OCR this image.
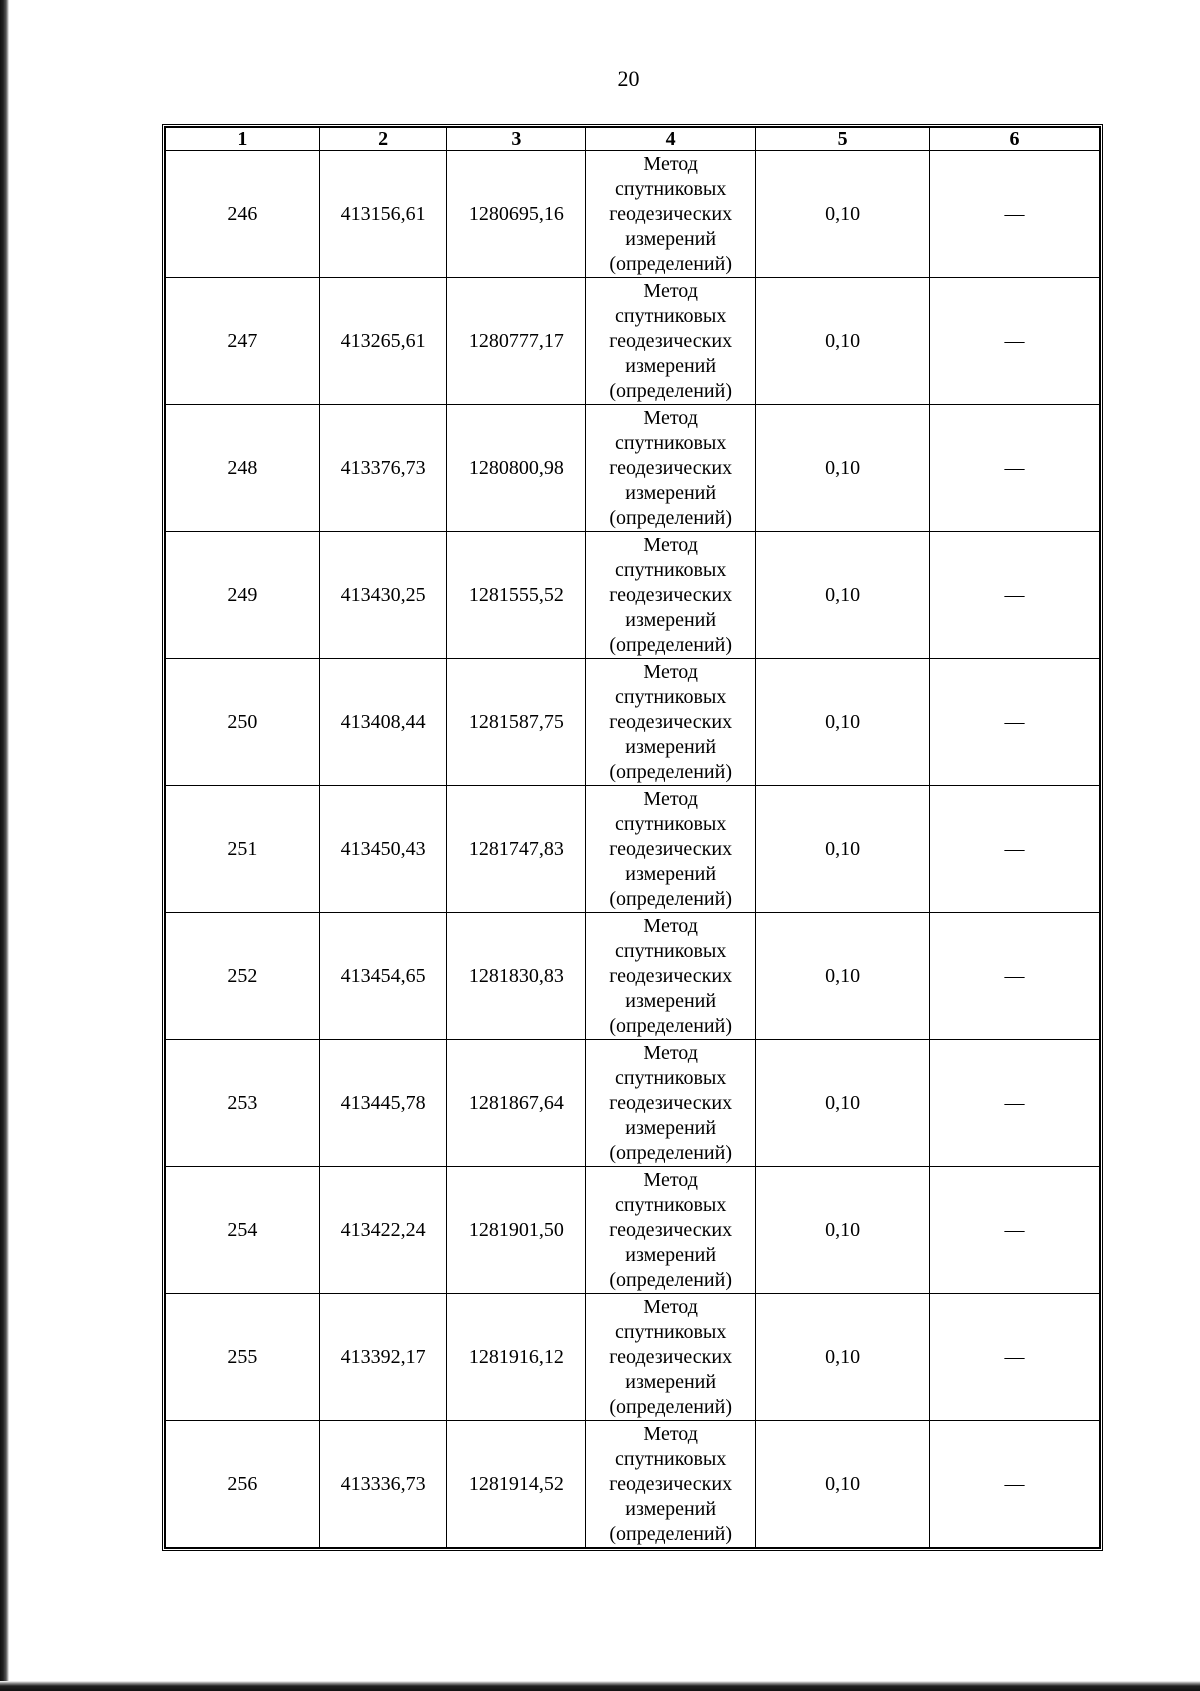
20
1	2	3	4	5	6
246	413156,61	1280695,16	Метод
спутниковых
геодезических
измерений
(определений)	0,10	—
247	413265,61	1280777,17	Метод
спутниковых
геодезических
измерений
(определений)	0,10	—
248	413376,73	1280800,98	Метод
спутниковых
геодезических
измерений
(определений)	0,10	—
249	413430,25	1281555,52	Метод
спутниковых
геодезических
измерений
(определений)	0,10	—
250	413408,44	1281587,75	Метод
спутниковых
геодезических
измерений
(определений)	0,10	—
251	413450,43	1281747,83	Метод
спутниковых
геодезических
измерений
(определений)	0,10	—
252	413454,65	1281830,83	Метод
спутниковых
геодезических
измерений
(определений)	0,10	—
253	413445,78	1281867,64	Метод
спутниковых
геодезических
измерений
(определений)	0,10	—
254	413422,24	1281901,50	Метод
спутниковых
геодезических
измерений
(определений)	0,10	—
255	413392,17	1281916,12	Метод
спутниковых
геодезических
измерений
(определений)	0,10	—
256	413336,73	1281914,52	Метод
спутниковых
геодезических
измерений
(определений)	0,10	—
